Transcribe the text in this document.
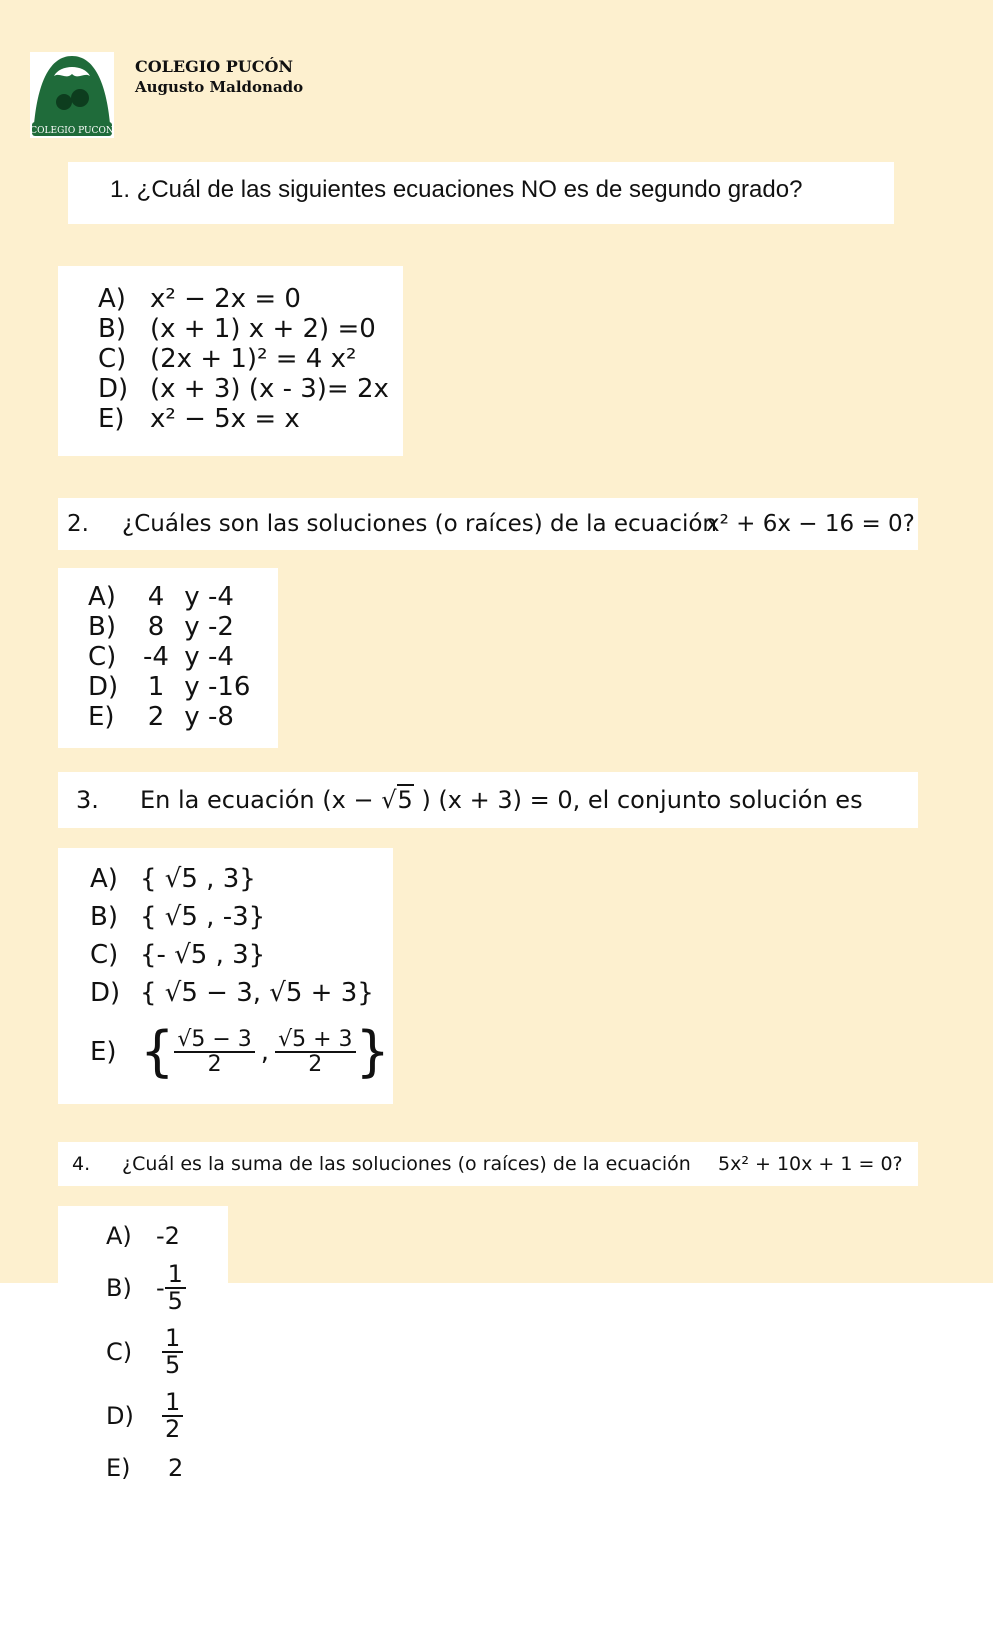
COLEGIO PUCON
COLEGIO PUCÓN
Augusto Maldonado
1. ¿Cuál de las siguientes ecuaciones NO es de segundo grado?
A) x² − 2x = 0
B) (x + 1) x + 2) =0
C) (2x + 1)² = 4 x²
D) (x + 3) (x - 3)= 2x
E) x² − 5x = x
2. ¿Cuáles son las soluciones (o raíces) de la ecuación
x² + 6x − 16 = 0?
A) 4 y -4
B) 8 y -2
C) -4 y -4
D) 1 y -16
E) 2 y -8
3. En la ecuación (x − √5 ) (x + 3) = 0, el conjunto solución es
A) { √5 , 3}
B) { √5 , -3}
C) {- √5 , 3}
D) { √5 − 3, √5 + 3}
E) { $\frac{√5 - 3}{2}$ , $\frac{√5 + 3}{2}$ }
4. ¿Cuál es la suma de las soluciones (o raíces) de la ecuación 5x² + 10x + 1 = 0?
A) -2
B)	- $\frac{1}{5}$
C)	$\frac{1}{5}$
D)	$\frac{1}{2}$
E) 2
